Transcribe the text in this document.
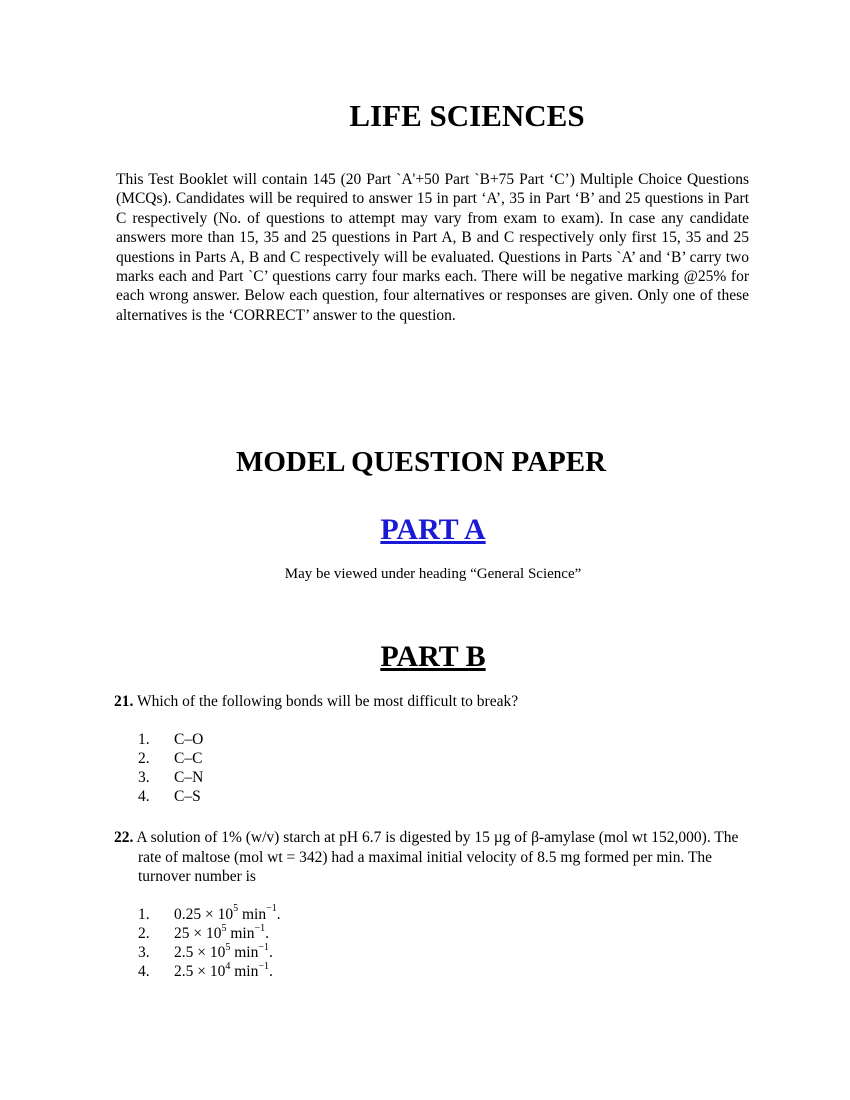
LIFE SCIENCES

This Test Booklet will contain 145 (20 Part `A'+50 Part `B+75 Part ‘C’) Multiple Choice Questions (MCQs). Candidates will be required to answer 15 in part ‘A’, 35 in Part ‘B’ and 25 questions in Part C respectively (No. of questions to attempt may vary from exam to exam). In case any candidate answers more than 15, 35 and 25 questions in Part A, B and C respectively only first 15, 35 and 25 questions in Parts A, B and C respectively will be evaluated. Questions in Parts `A’ and ‘B’ carry two marks each and Part `C’ questions carry four marks each. There will be negative marking @25% for each wrong answer. Below each question, four alternatives or responses are given. Only one of these alternatives is the ‘CORRECT’ answer to the question.

MODEL QUESTION PAPER
PART A

May be viewed under heading “General Science”

PART B

21. Which of the following bonds will be most difficult to break?

1.	C–O
2.	C–C
3.	C–N
4.	C–S

22. A solution of 1% (w/v) starch at pH 6.7 is digested by 15 µg of β-amylase (mol wt 152,000). The rate of maltose (mol wt = 342) had a maximal initial velocity of 8.5 mg formed per min. The turnover number is

1.	$0.25 \times 10^5$ $\min^{-1}$.
2.	$25 \times 10^5$ $\min^{-1}$.
3.	$2.5 \times 10^5$ $\min^{-1}$.
4.	$2.5 \times 10^4$ $\min^{-1}$.
